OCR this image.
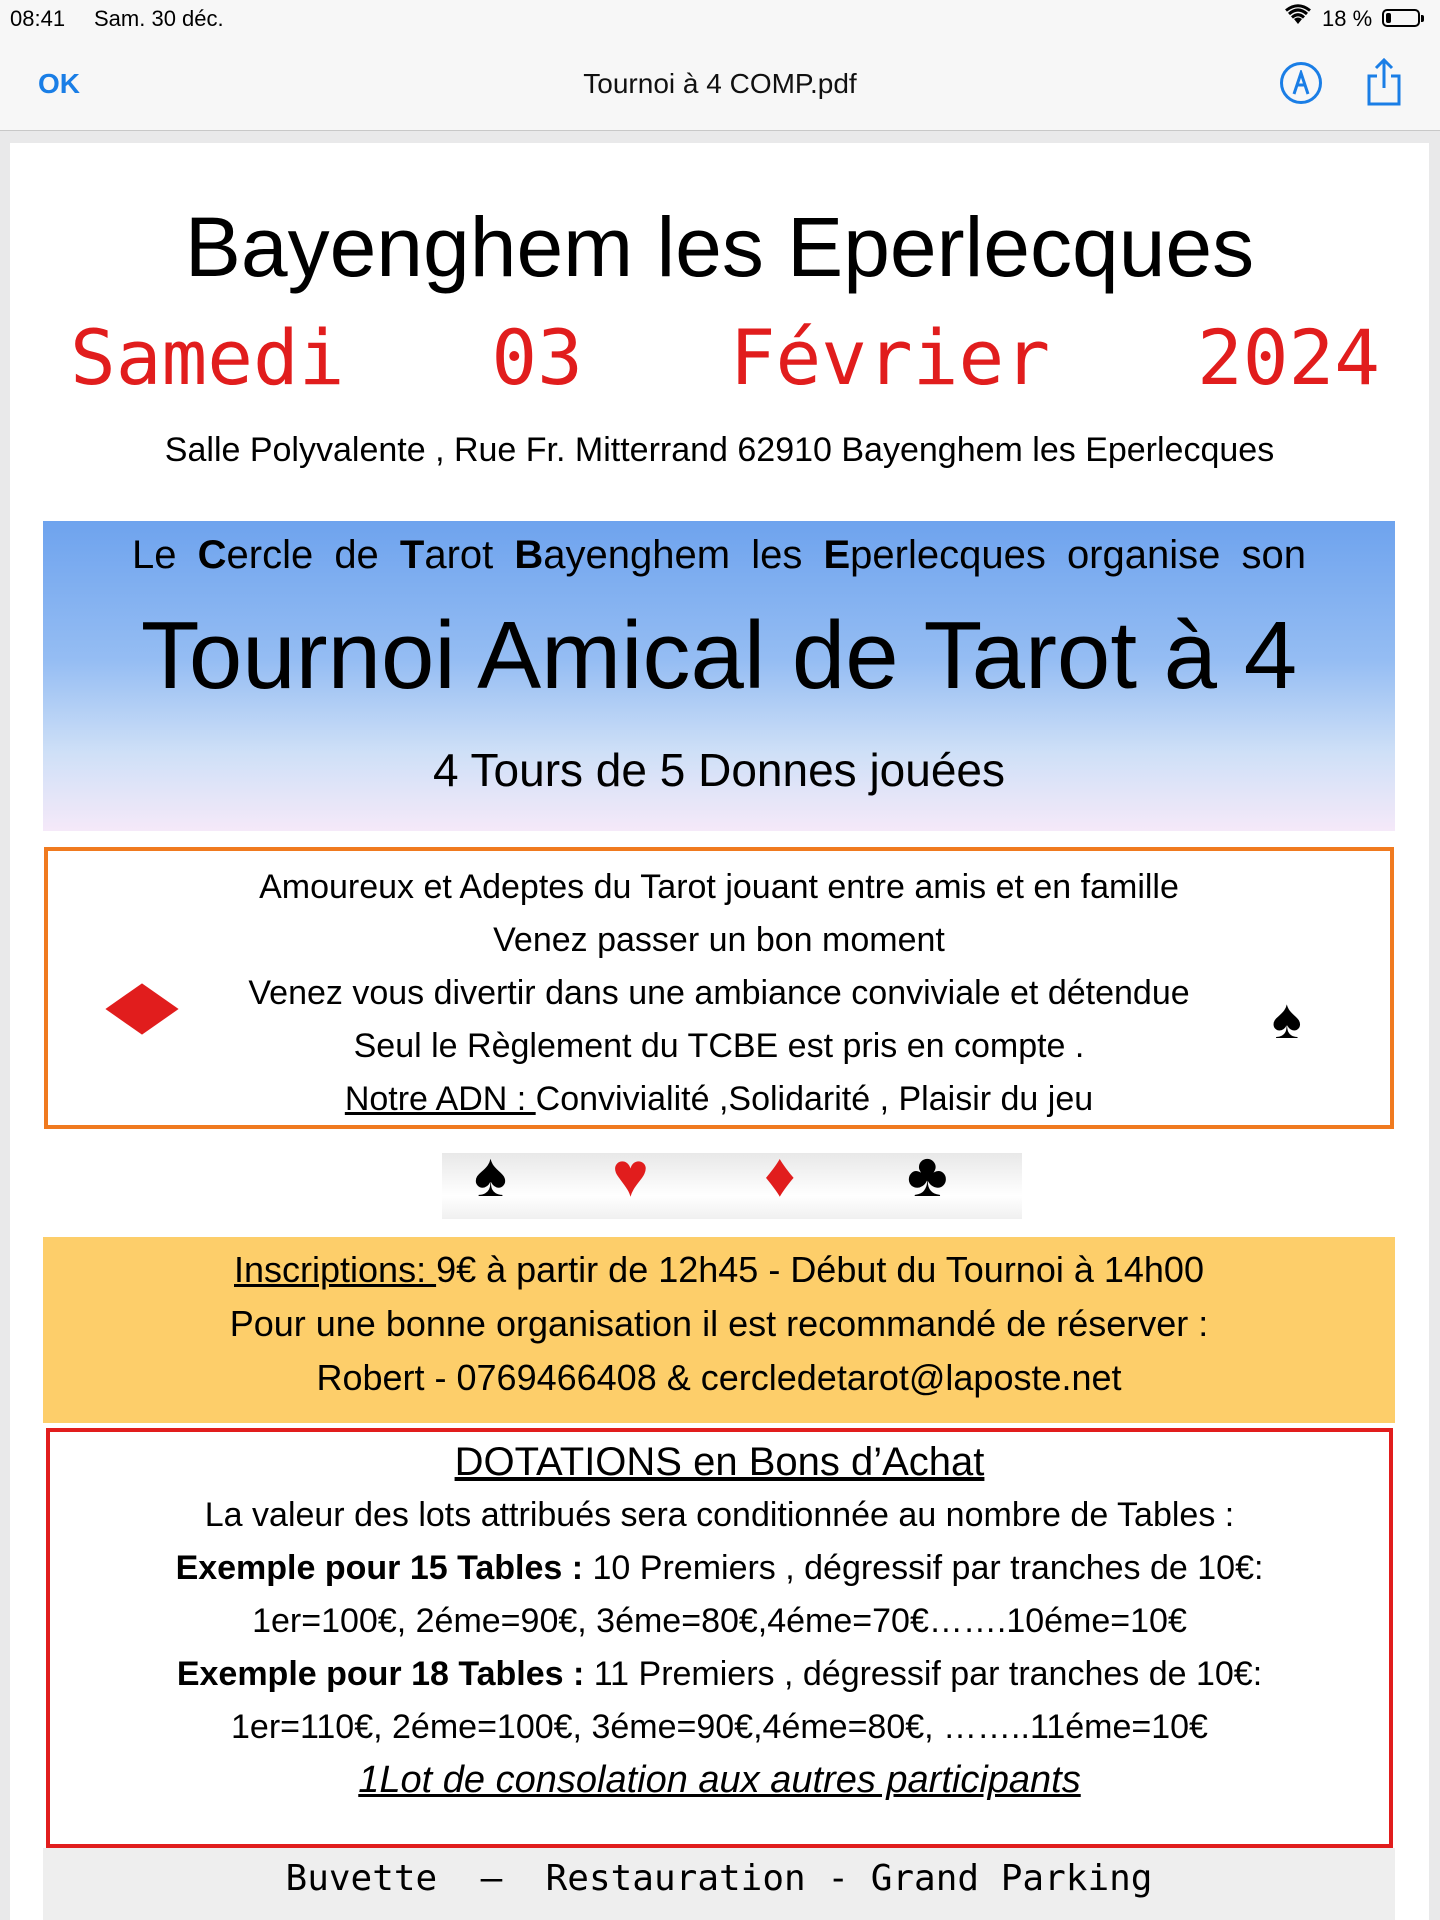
08:41 Sam. 30 déc.	18 %
OK	Tournoi à 4 COMP.pdf
Bayenghem les Eperlecques
Samedi 03 Février 2024
Salle Polyvalente , Rue Fr. Mitterrand 62910 Bayenghem les Eperlecques
Le Cercle de Tarot Bayenghem les Eperlecques organise son
Tournoi Amical de Tarot à 4
4 Tours de 5 Donnes jouées
♠
Amoureux et Adeptes du Tarot jouant entre amis et en famille
Venez passer un bon moment
Venez vous divertir dans une ambiance conviviale et détendue
Seul le Règlement du TCBE est pris en compte .
Notre ADN : Convivialité ,Solidarité , Plaisir du jeu
♠ ♥ ♦ ♣
Inscriptions: 9€ à partir de 12h45 - Début du Tournoi à 14h00
Pour une bonne organisation il est recommandé de réserver :
Robert - 0769466408 & cercledetarot@laposte.net
DOTATIONS en Bons d’Achat
La valeur des lots attribués sera conditionnée au nombre de Tables :
Exemple pour 15 Tables : 10 Premiers , dégressif par tranches de 10€:
1er=100€, 2éme=90€, 3éme=80€,4éme=70€…….10éme=10€
Exemple pour 18 Tables : 11 Premiers , dégressif par tranches de 10€:
1er=110€, 2éme=100€, 3éme=90€,4éme=80€, ……..11éme=10€
1Lot de consolation aux autres participants
Buvette  –  Restauration - Grand Parking
